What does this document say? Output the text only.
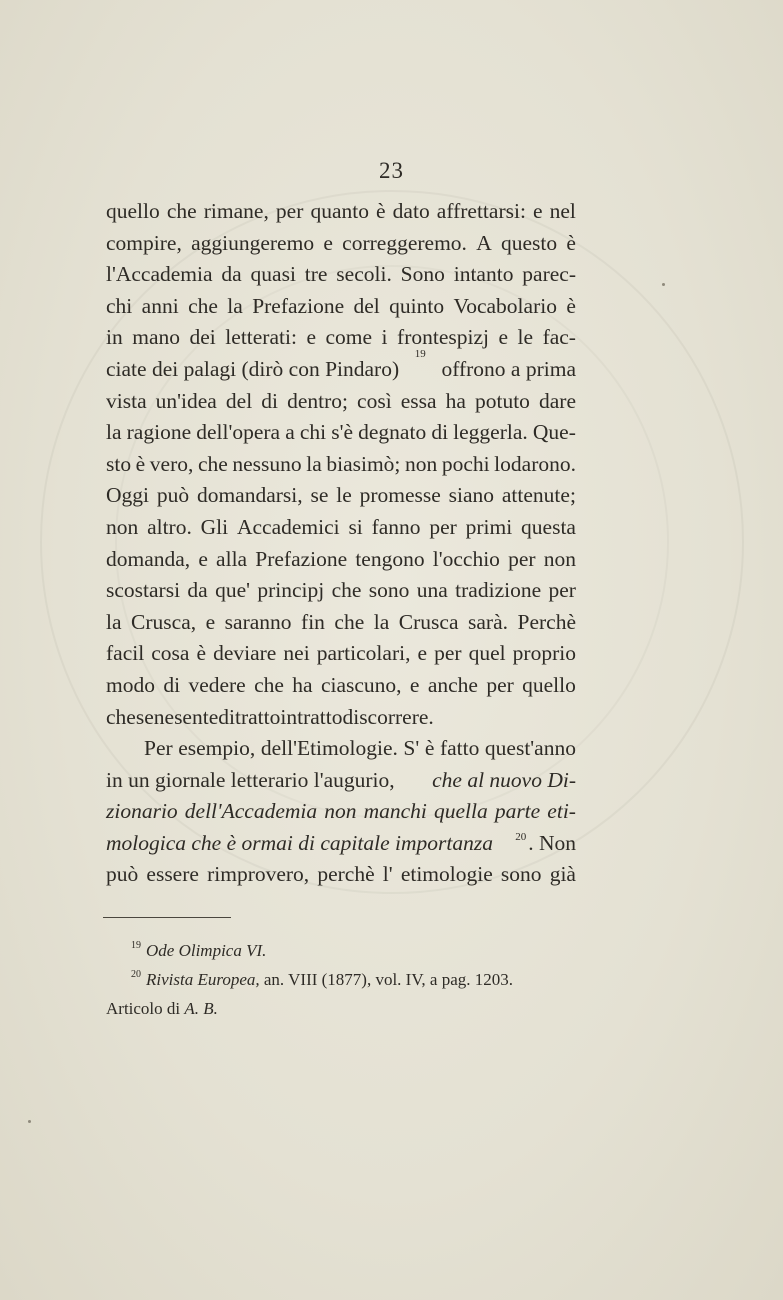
23
quello che rimane, per quanto è dato affrettarsi: e nel
compire, aggiungeremo e correggeremo. A questo è
l'Accademia da quasi tre secoli. Sono intanto parec-
chi anni che la Prefazione del quinto Vocabolario è
in mano dei letterati: e come i frontespizj e le fac-
ciate dei palagi (dirò con Pindaro)
19
offrono a prima
vista un'idea del di dentro; così essa ha potuto dare
la ragione dell'opera a chi s'è degnato di leggerla. Que-
sto è vero, che nessuno la biasimò; non pochi lodarono.
Oggi può domandarsi, se le promesse siano attenute;
non altro. Gli Accademici si fanno per primi questa
domanda, e alla Prefazione tengono l'occhio per non
scostarsi da que' principj che sono una tradizione per
la Crusca, e saranno fin che la Crusca sarà. Perchè
facil cosa è deviare nei particolari, e per quel proprio
modo di vedere che ha ciascuno, e anche per quello
che se ne sente di tratto in tratto discorrere.
Per esempio, dell'Etimologie. S' è fatto quest'anno
in un giornale letterario l'augurio, che al nuovo Di-
zionario dell'Accademia non manchi quella parte eti-
mologica che è ormai di capitale importanza $^{20}$. Non
può essere rimprovero, perchè l' etimologie sono già
$^{19}$ Ode Olimpica VI.
$^{20}$ Rivista Europea, an. VIII (1877), vol. IV, a pag. 1203.
Articolo di A. B.
